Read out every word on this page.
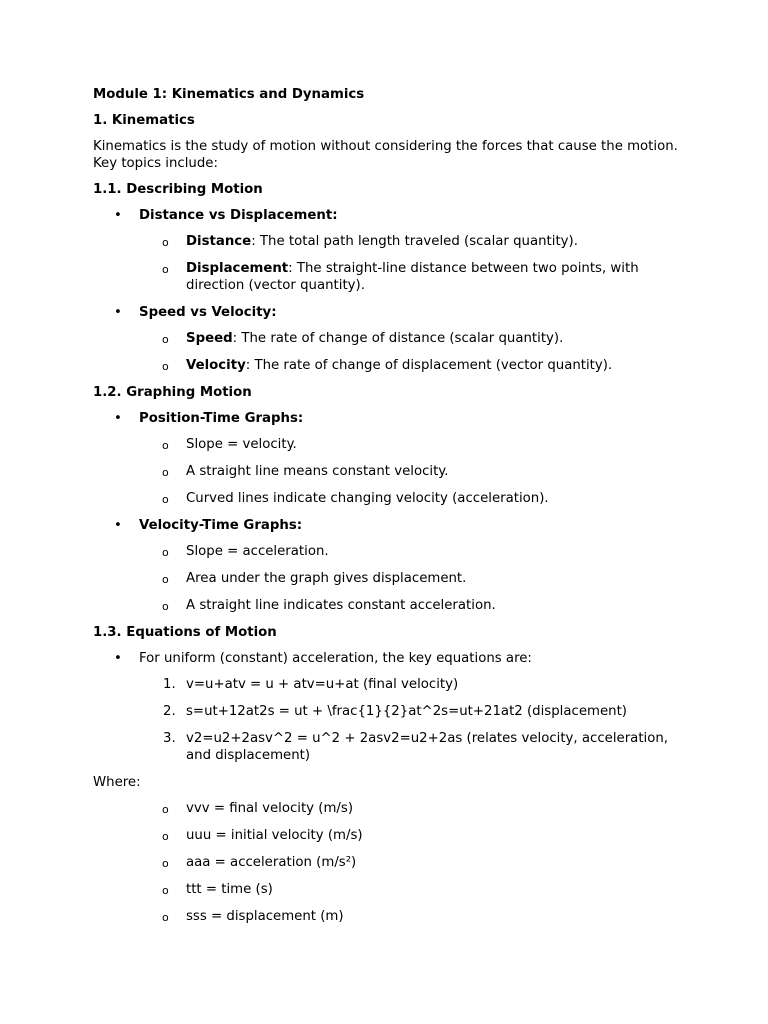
Module 1: Kinematics and Dynamics
1. Kinematics
Kinematics is the study of motion without considering the forces that cause the motion. Key topics include:
1.1. Describing Motion
• Distance vs Displacement:
o Distance: The total path length traveled (scalar quantity).
o Displacement: The straight-line distance between two points, with direction (vector quantity).
• Speed vs Velocity:
o Speed: The rate of change of distance (scalar quantity).
o Velocity: The rate of change of displacement (vector quantity).
1.2. Graphing Motion
• Position-Time Graphs:
o Slope = velocity.
o A straight line means constant velocity.
o Curved lines indicate changing velocity (acceleration).
• Velocity-Time Graphs:
o Slope = acceleration.
o Area under the graph gives displacement.
o A straight line indicates constant acceleration.
1.3. Equations of Motion
• For uniform (constant) acceleration, the key equations are:
1. v=u+atv = u + atv=u+at (final velocity)
2. s=ut+12at2s = ut + \frac{1}{2}at^2s=ut+21at2 (displacement)
3. v2=u2+2asv^2 = u^2 + 2asv2=u2+2as (relates velocity, acceleration, and displacement)
Where:
o vvv = final velocity (m/s)
o uuu = initial velocity (m/s)
o aaa = acceleration (m/s²)
o ttt = time (s)
o sss = displacement (m)
